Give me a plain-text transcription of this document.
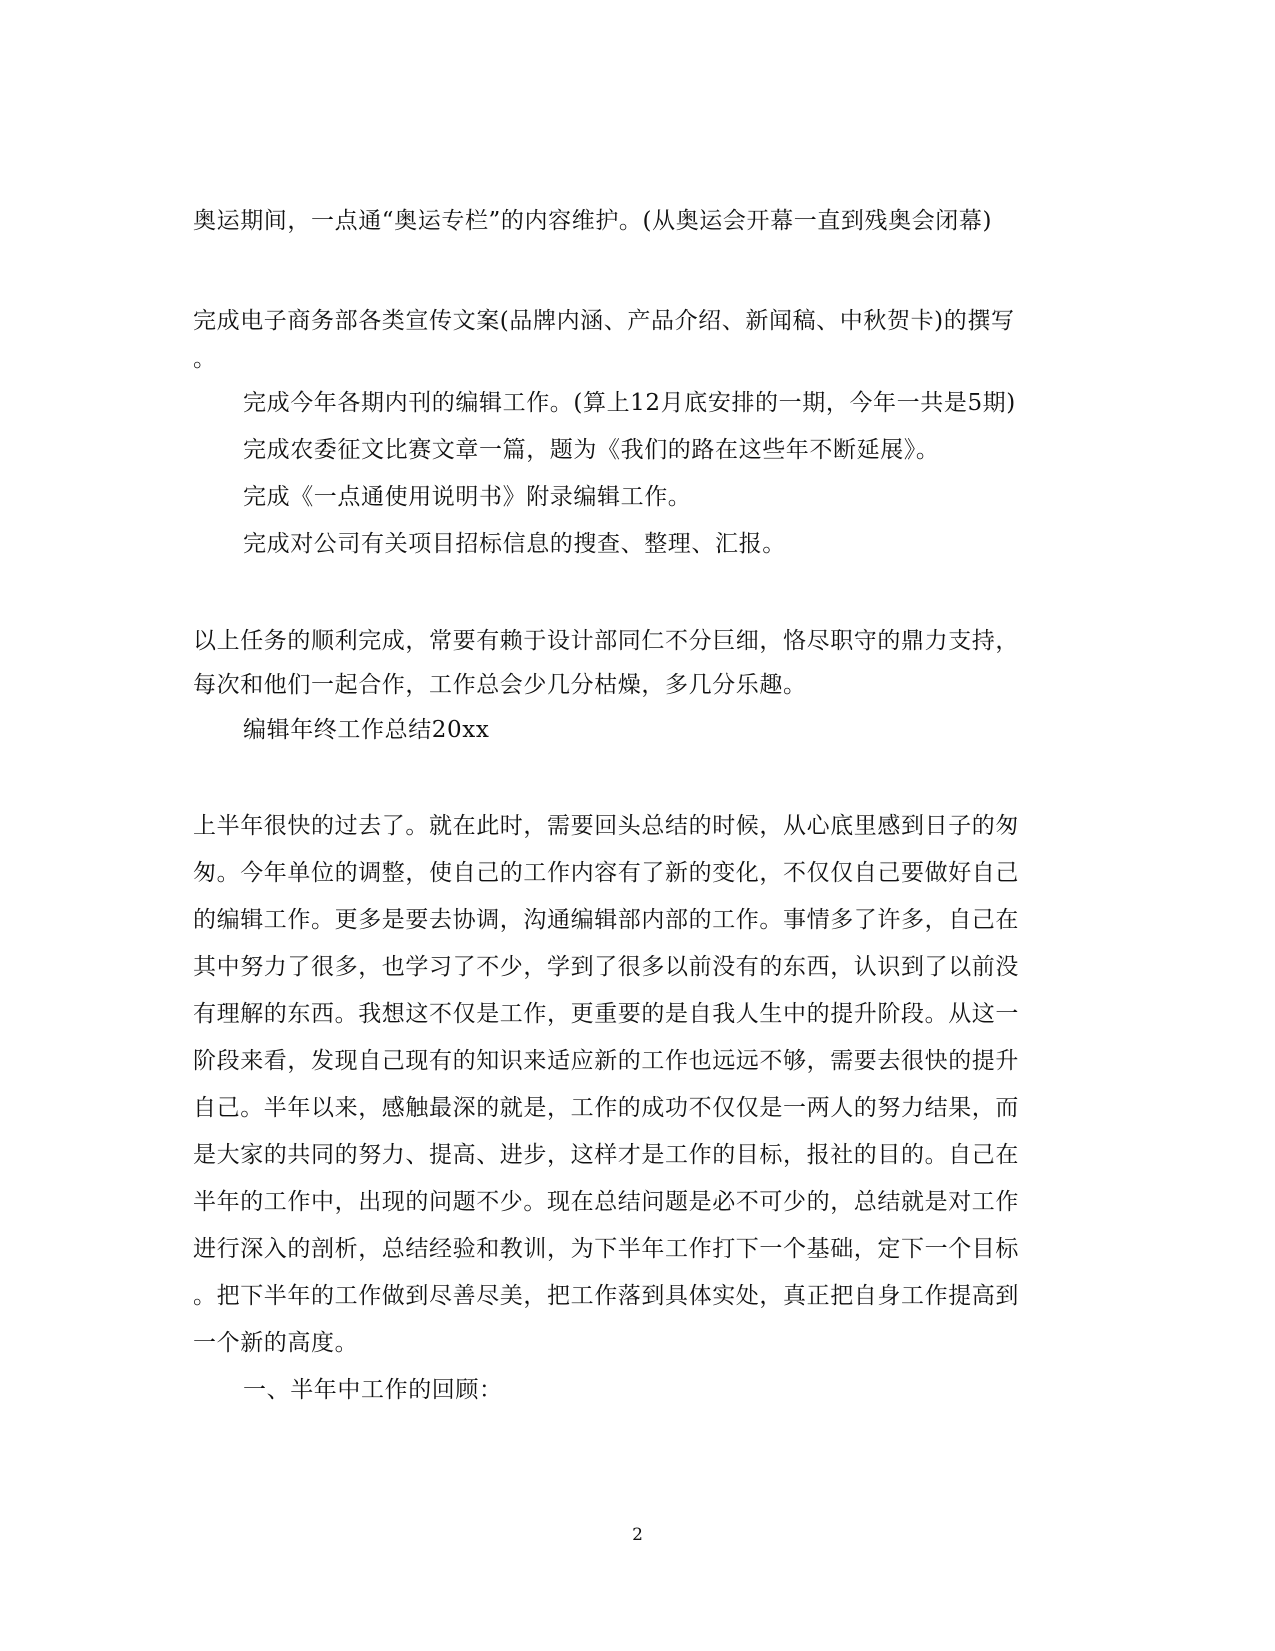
奥运期间，一点通“奥运专栏”的内容维护。(从奥运会开幕一直到残奥会闭幕)

完成电子商务部各类宣传文案(品牌内涵、产品介绍、新闻稿、中秋贺卡)的撰写

。

完成今年各期内刊的编辑工作。(算上12月底安排的一期，今年一共是5期)

完成农委征文比赛文章一篇，题为《我们的路在这些年不断延展》。

完成《一点通使用说明书》附录编辑工作。

完成对公司有关项目招标信息的搜查、整理、汇报。

以上任务的顺利完成，常要有赖于设计部同仁不分巨细，恪尽职守的鼎力支持，

每次和他们一起合作，工作总会少几分枯燥，多几分乐趣。

编辑年终工作总结20xx

上半年很快的过去了。就在此时，需要回头总结的时候，从心底里感到日子的匆

匆。今年单位的调整，使自己的工作内容有了新的变化，不仅仅自己要做好自己

的编辑工作。更多是要去协调，沟通编辑部内部的工作。事情多了许多，自己在

其中努力了很多，也学习了不少，学到了很多以前没有的东西，认识到了以前没

有理解的东西。我想这不仅是工作，更重要的是自我人生中的提升阶段。从这一

阶段来看，发现自己现有的知识来适应新的工作也远远不够，需要去很快的提升

自己。半年以来，感触最深的就是，工作的成功不仅仅是一两人的努力结果，而

是大家的共同的努力、提高、进步，这样才是工作的目标，报社的目的。自己在

半年的工作中，出现的问题不少。现在总结问题是必不可少的，总结就是对工作

进行深入的剖析，总结经验和教训，为下半年工作打下一个基础，定下一个目标

。把下半年的工作做到尽善尽美，把工作落到具体实处，真正把自身工作提高到

一个新的高度。

一、半年中工作的回顾：

2
